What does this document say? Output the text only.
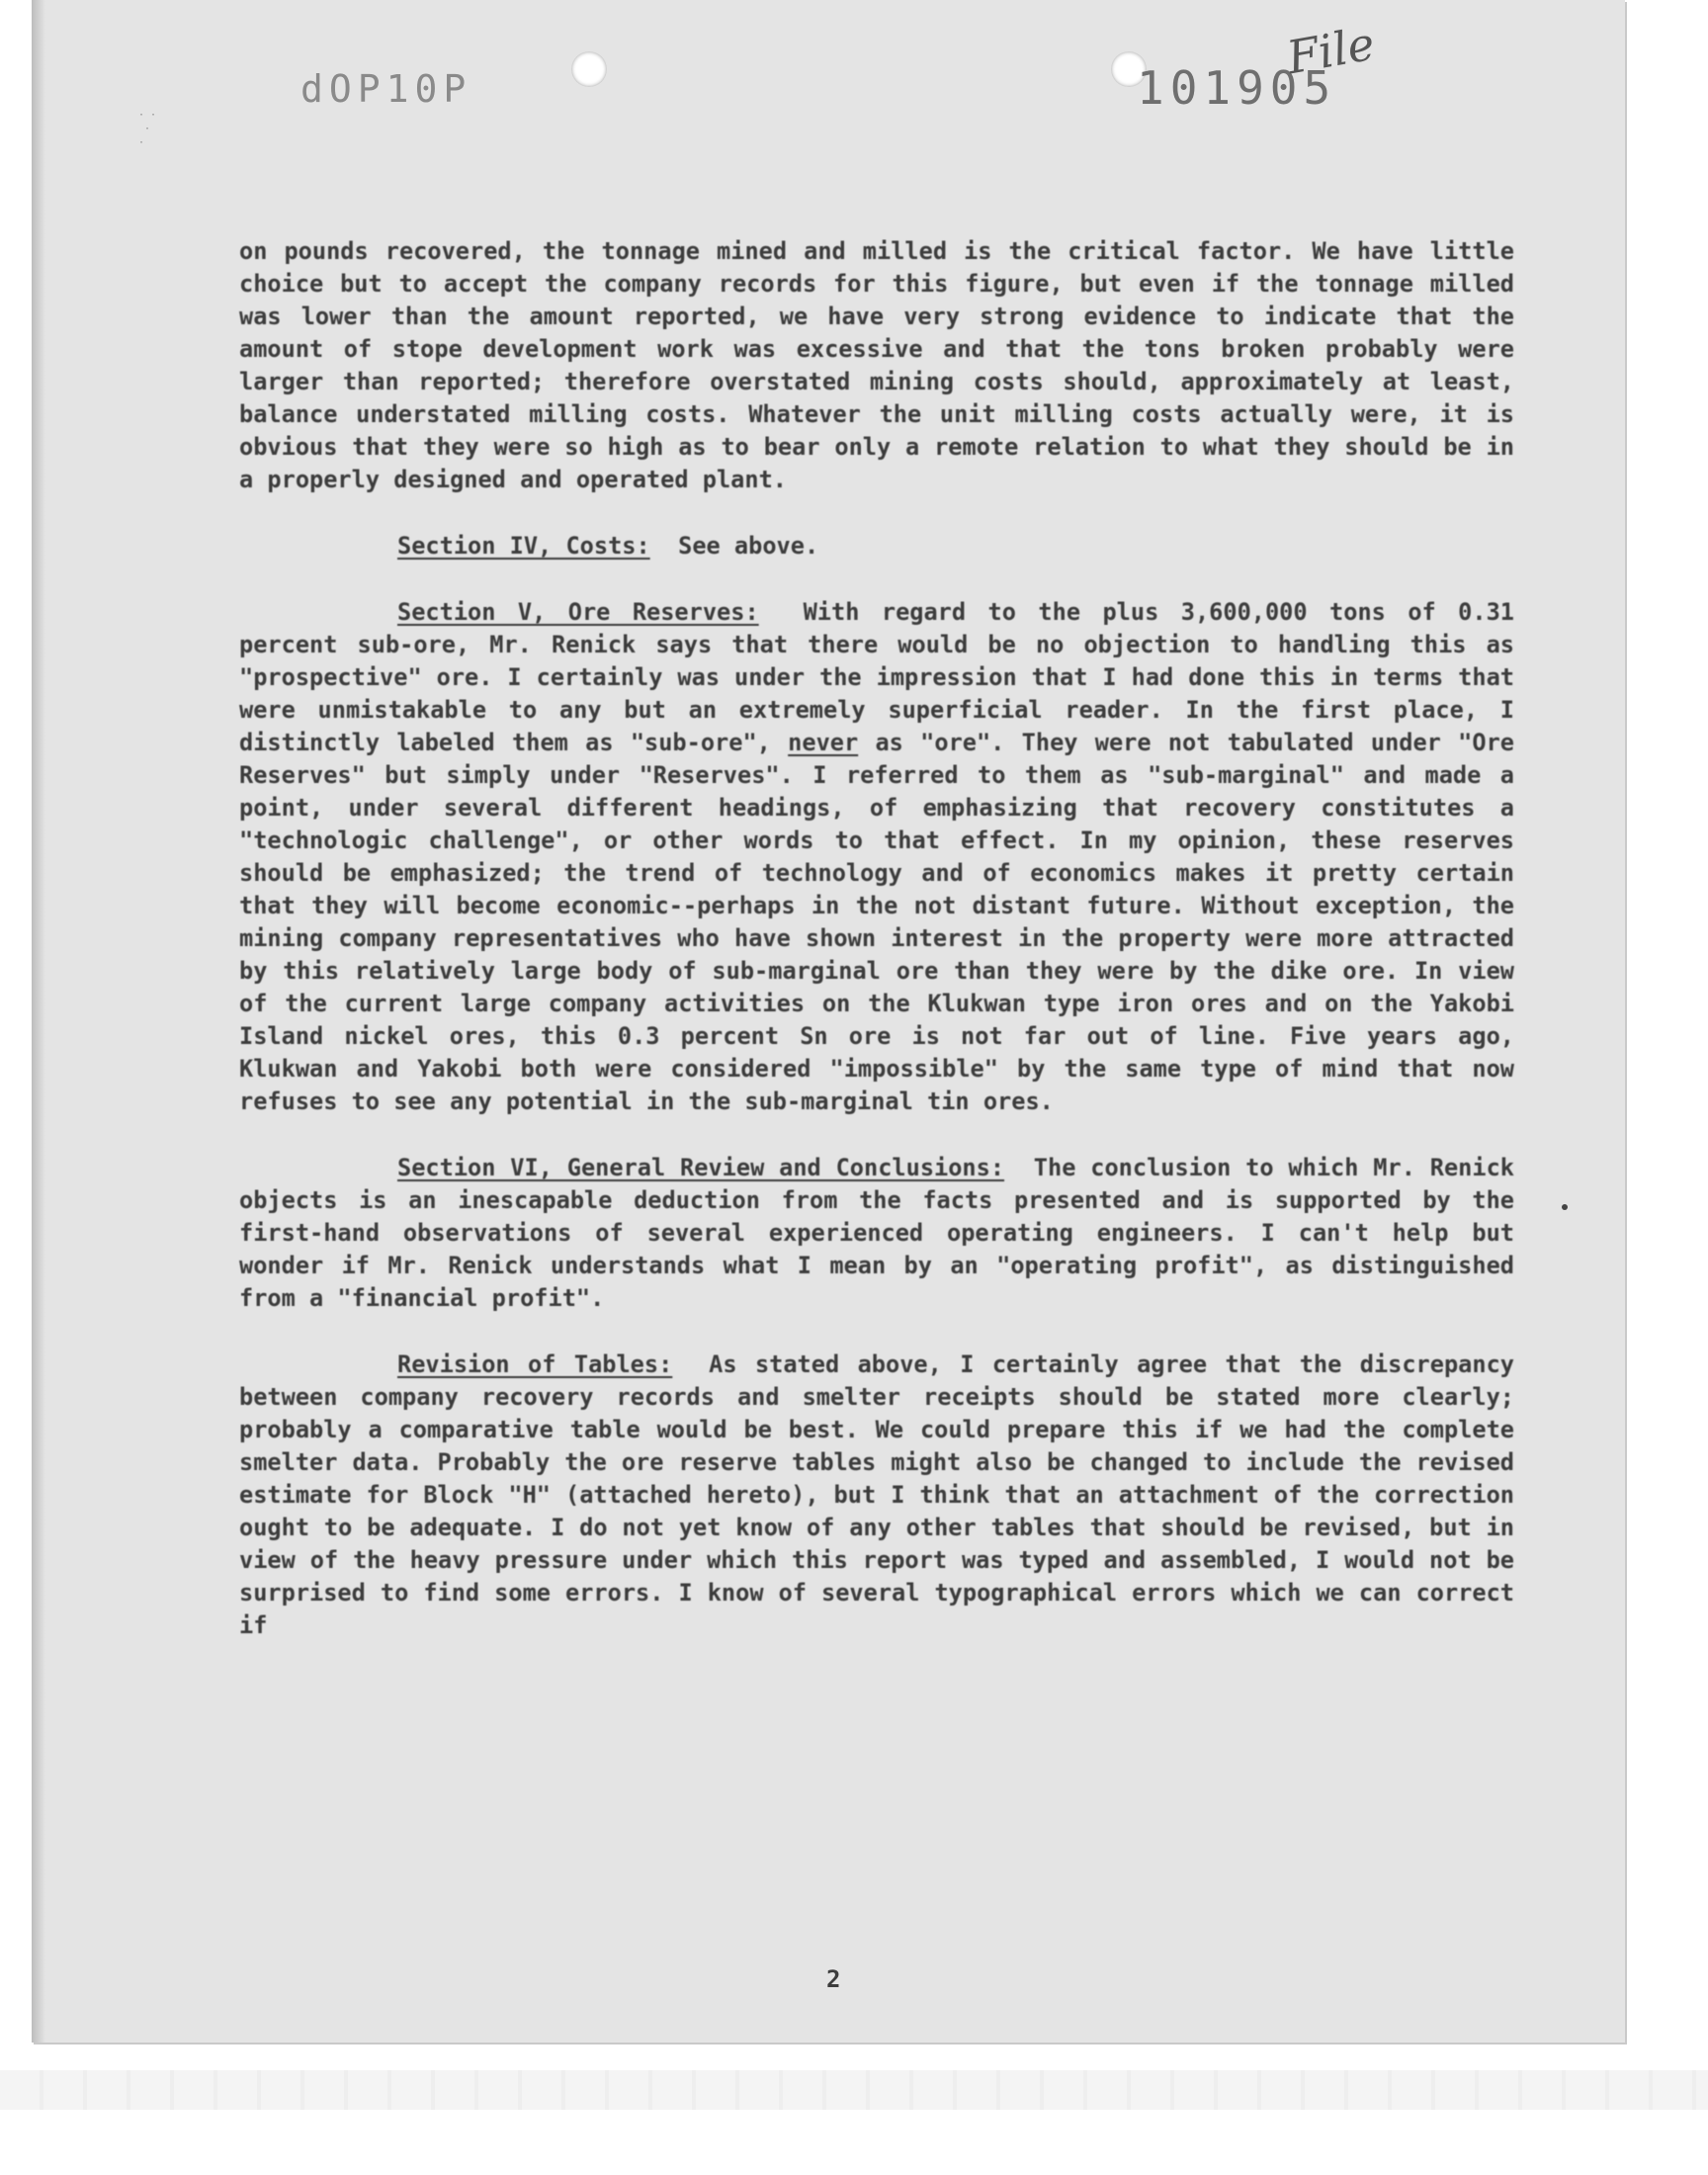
dOP10P	101905
File
· ·
·
·

on pounds recovered, the tonnage mined and milled is the critical factor. We have little choice but to accept the company records for this figure, but even if the tonnage milled was lower than the amount reported, we have very strong evidence to indicate that the amount of stope development work was excessive and that the tons broken probably were larger than reported; therefore overstated mining costs should, approximately at least, balance understated milling costs. Whatever the unit milling costs actually were, it is obvious that they were so high as to bear only a remote relation to what they should be in a properly designed and operated plant.

Section IV, Costs: See above.

Section V, Ore Reserves: With regard to the plus 3,600,000 tons of 0.31 percent sub-ore, Mr. Renick says that there would be no objection to handling this as "prospective" ore. I certainly was under the impression that I had done this in terms that were unmistakable to any but an extremely superficial reader. In the first place, I distinctly labeled them as "sub-ore", never as "ore". They were not tabulated under "Ore Reserves" but simply under "Reserves". I referred to them as "sub-marginal" and made a point, under several different headings, of emphasizing that recovery constitutes a "technologic challenge", or other words to that effect. In my opinion, these reserves should be emphasized; the trend of technology and of economics makes it pretty certain that they will become economic--perhaps in the not distant future. Without exception, the mining company representatives who have shown interest in the property were more attracted by this relatively large body of sub-marginal ore than they were by the dike ore. In view of the current large company activities on the Klukwan type iron ores and on the Yakobi Island nickel ores, this 0.3 percent Sn ore is not far out of line. Five years ago, Klukwan and Yakobi both were considered "impossible" by the same type of mind that now refuses to see any potential in the sub-marginal tin ores.

Section VI, General Review and Conclusions: The conclusion to which Mr. Renick objects is an inescapable deduction from the facts presented and is supported by the first-hand observations of several experienced operating engineers. I can't help but wonder if Mr. Renick understands what I mean by an "operating profit", as distinguished from a "financial profit".

Revision of Tables: As stated above, I certainly agree that the discrepancy between company recovery records and smelter receipts should be stated more clearly; probably a comparative table would be best. We could prepare this if we had the complete smelter data. Probably the ore reserve tables might also be changed to include the revised estimate for Block "H" (attached hereto), but I think that an attachment of the correction ought to be adequate. I do not yet know of any other tables that should be revised, but in view of the heavy pressure under which this report was typed and assembled, I would not be surprised to find some errors. I know of several typographical errors which we can correct if

2
